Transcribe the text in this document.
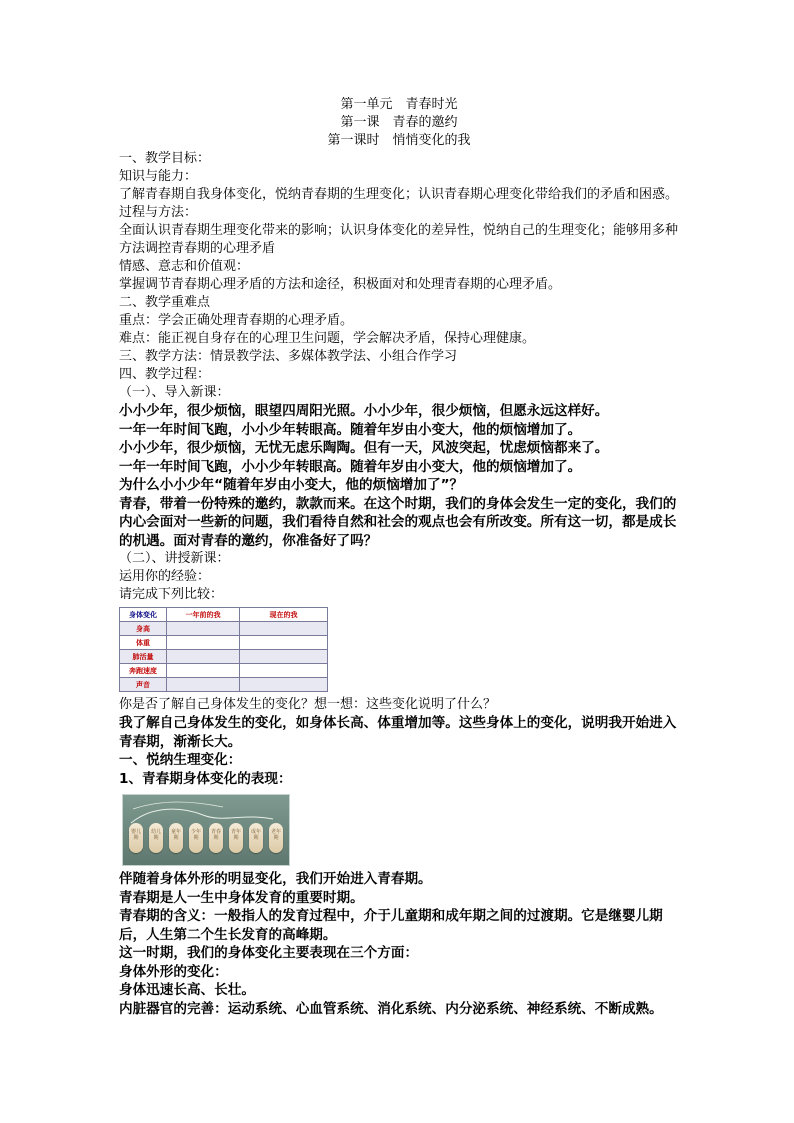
第一单元　青春时光
第一课　青春的邀约
第一课时　悄悄变化的我
一、教学目标：
知识与能力：
了解青春期自我身体变化，悦纳青春期的生理变化；认识青春期心理变化带给我们的矛盾和困惑。
过程与方法：
全面认识青春期生理变化带来的影响；认识身体变化的差异性，悦纳自己的生理变化；能够用多种方法调控青春期的心理矛盾
情感、意志和价值观：
掌握调节青春期心理矛盾的方法和途径，积极面对和处理青春期的心理矛盾。
二、教学重难点
重点：学会正确处理青春期的心理矛盾。
难点：能正视自身存在的心理卫生问题，学会解决矛盾，保持心理健康。
三、教学方法：情景教学法、多媒体教学法、小组合作学习
四、教学过程：
（一）、导入新课：
小小少年，很少烦恼，眼望四周阳光照。小小少年，很少烦恼，但愿永远这样好。
一年一年时间飞跑，小小少年转眼高。随着年岁由小变大，他的烦恼增加了。
小小少年，很少烦恼，无忧无虑乐陶陶。但有一天，风波突起，忧虑烦恼都来了。
一年一年时间飞跑，小小少年转眼高。随着年岁由小变大，他的烦恼增加了。
为什么小小少年“随着年岁由小变大，他的烦恼增加了”？
青春，带着一份特殊的邀约，款款而来。在这个时期，我们的身体会发生一定的变化，我们的内心会面对一些新的问题，我们看待自然和社会的观点也会有所改变。所有这一切，都是成长的机遇。面对青春的邀约，你准备好了吗？
（二）、讲授新课：
运用你的经验：
请完成下列比较：
身体变化	一年前的我	现在的我
身高		
体重		
肺活量		
奔跑速度		
声音		
你是否了解自己身体发生的变化？想一想：这些变化说明了什么？
我了解自己身体发生的变化，如身体长高、体重增加等。这些身体上的变化，说明我开始进入青春期，渐渐长大。
一、悦纳生理变化：
1、青春期身体变化的表现：
婴儿期
幼儿期
童年期
少年期
青春期
青年期
成年期
老年期
伴随着身体外形的明显变化，我们开始进入青春期。
青春期是人一生中身体发育的重要时期。
青春期的含义：一般指人的发育过程中，介于儿童期和成年期之间的过渡期。它是继婴儿期后，人生第二个生长发育的高峰期。
这一时期，我们的身体变化主要表现在三个方面：
身体外形的变化：
身体迅速长高、长壮。
内脏器官的完善：运动系统、心血管系统、消化系统、内分泌系统、神经系统、不断成熟。
